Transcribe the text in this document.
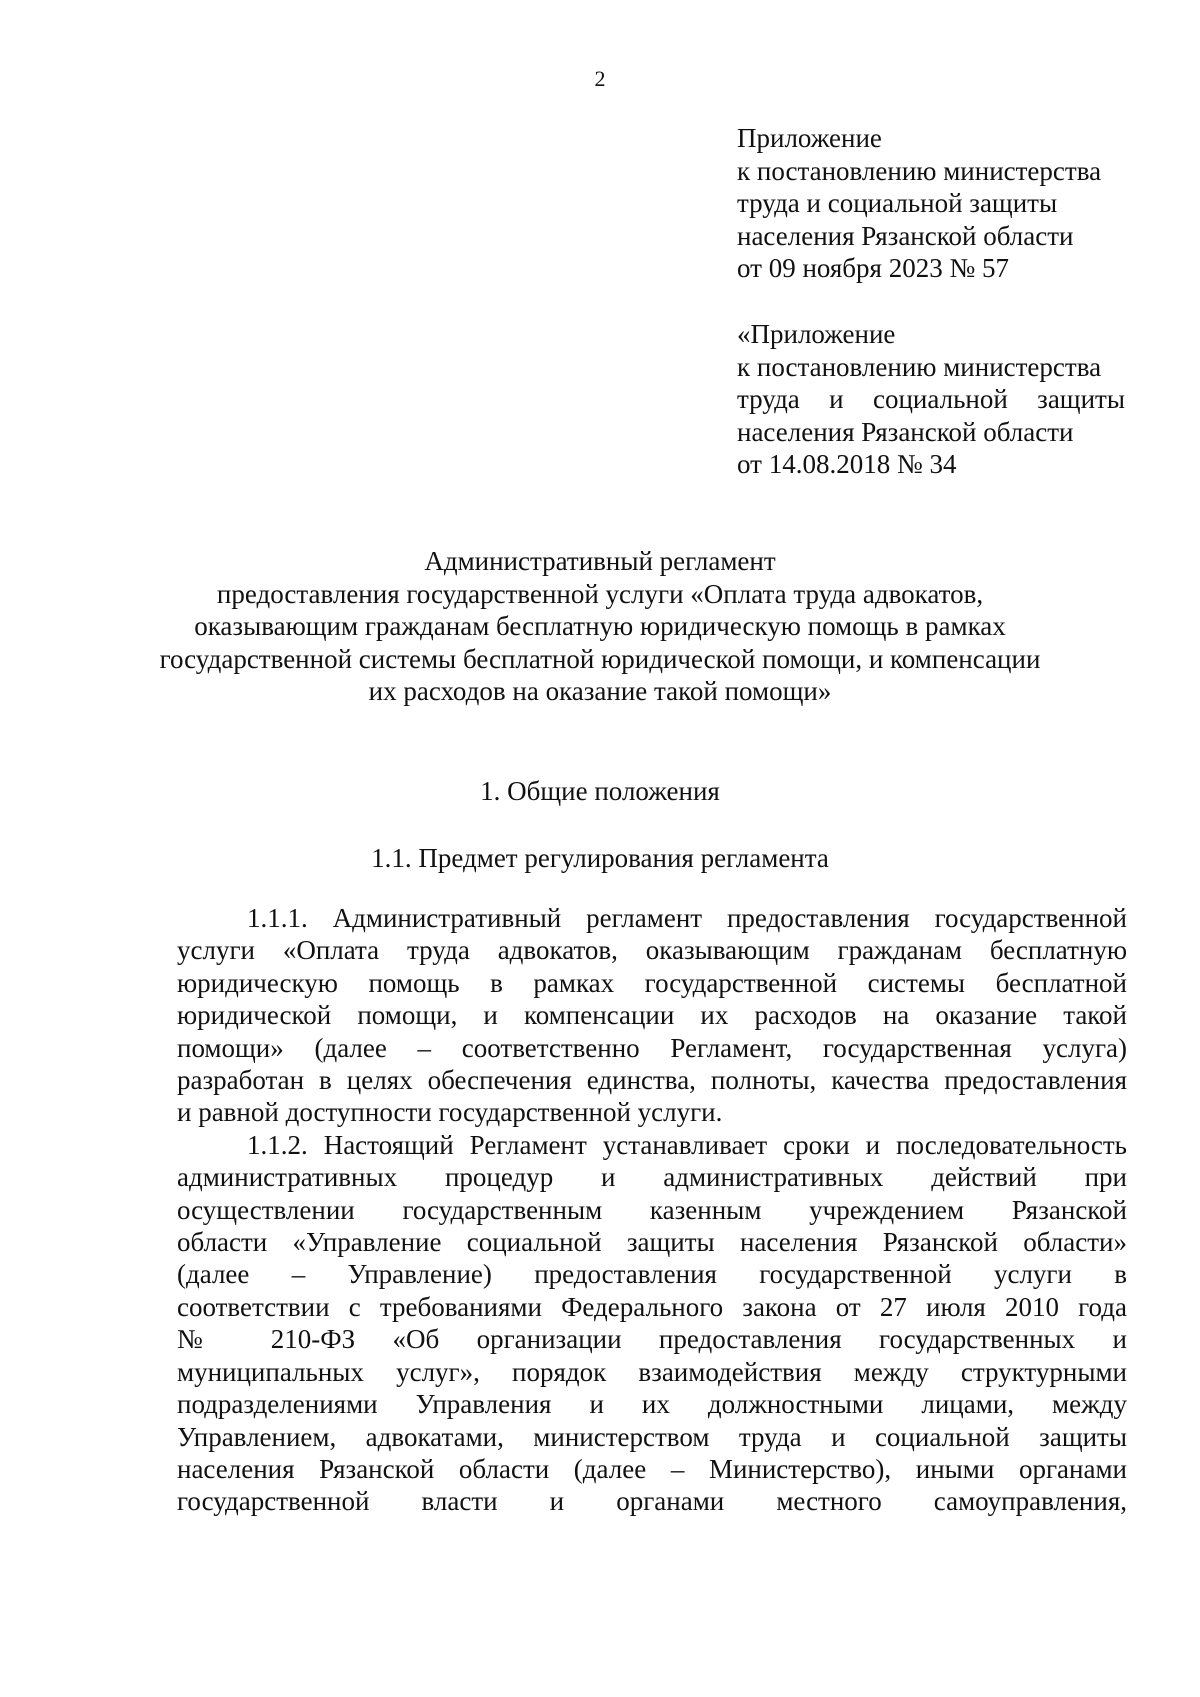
2
Приложение
к постановлению министерства
труда и социальной защиты
населения Рязанской области
от 09 ноября 2023 № 57
«Приложение
к постановлению министерства
труда и социальной защиты
населения Рязанской области
от 14.08.2018 № 34
Административный регламент
предоставления государственной услуги «Оплата труда адвокатов,
оказывающим гражданам бесплатную юридическую помощь в рамках
государственной системы бесплатной юридической помощи, и компенсации
их расходов на оказание такой помощи»
1. Общие положения
1.1. Предмет регулирования регламента
1.1.1. Административный регламент предоставления государственной
услуги «Оплата труда адвокатов, оказывающим гражданам бесплатную
юридическую помощь в рамках государственной системы бесплатной
юридической помощи, и компенсации их расходов на оказание такой
помощи» (далее – соответственно Регламент, государственная услуга)
разработан в целях обеспечения единства, полноты, качества предоставления
и равной доступности государственной услуги.
1.1.2. Настоящий Регламент устанавливает сроки и последовательность
административных процедур и административных действий при
осуществлении государственным казенным учреждением Рязанской
области «Управление социальной защиты населения Рязанской области»
(далее – Управление) предоставления государственной услуги в
соответствии с требованиями Федерального закона от 27 июля 2010 года
№ 210-ФЗ «Об организации предоставления государственных и
муниципальных услуг», порядок взаимодействия между структурными
подразделениями Управления и их должностными лицами, между
Управлением, адвокатами, министерством труда и социальной защиты
населения Рязанской области (далее – Министерство), иными органами
государственной власти и органами местного самоуправления,
